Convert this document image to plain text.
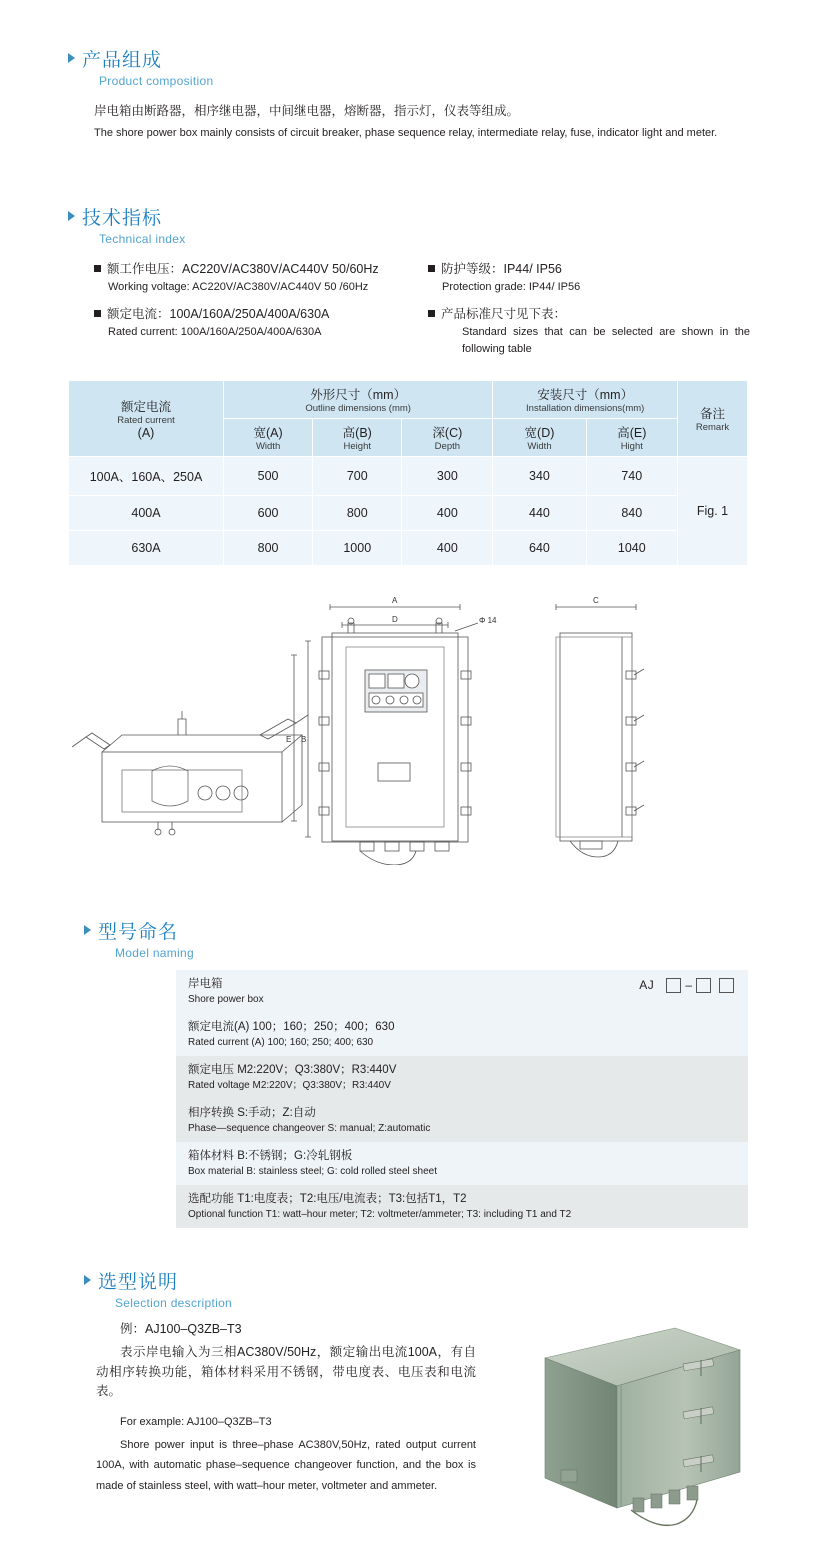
产品组成
Product composition
岸电箱由断路器，相序继电器，中间继电器，熔断器，指示灯，仪表等组成。
The shore power box mainly consists of circuit breaker, phase sequence relay, intermediate relay, fuse, indicator light and meter.
技术指标
Technical index
额工作电压：AC220V/AC380V/AC440V 50/60Hz
Working voltage: AC220V/AC380V/AC440V 50 /60Hz
额定电流：100A/160A/250A/400A/630A
Rated current: 100A/160A/250A/400A/630A
防护等级：IP44/ IP56
Protection grade: IP44/ IP56
产品标准尺寸见下表：
Standard sizes that can be selected are shown in the following table
额定电流
Rated current
(A)	外形尺寸（mm）
Outline dimensions (mm)			安装尺寸（mm）
Installation dimensions(mm)		备注
Remark

	宽(A)
Width	高(B)
Height	深(C)
Depth	宽(D)
Width	高(E)
Hight	

100A、160A、250A	500	700	300	340	740	Fig. 1
400A	600	800	400	440	840	
630A	800	1000	400	640	1040	
A
D
C
B
E
Φ 14
型号命名
Model naming
岸电箱
Shore power box
AJ	–
额定电流(A) 100；160；250；400；630
Rated current (A) 100; 160; 250; 400; 630
额定电压 M2:220V；Q3:380V；R3:440V
Rated voltage M2:220V；Q3:380V；R3:440V
相序转换 S:手动；Z:自动
Phase—sequence changeover S: manual; Z:automatic
箱体材料 B:不锈钢；G:冷轧钢板
Box material B: stainless steel; G: cold rolled steel sheet
选配功能 T1:电度表；T2:电压/电流表；T3:包括T1，T2
Optional function T1: watt–hour meter; T2: voltmeter/ammeter; T3: including T1 and T2
选型说明
Selection description

例：AJ100–Q3ZB–T3

表示岸电输入为三相AC380V/50Hz，额定输出电流100A，有自动相序转换功能，箱体材料采用不锈钢，带电度表、电压表和电流表。

For example: AJ100–Q3ZB–T3

Shore power input is three–phase AC380V,50Hz, rated output current 100A, with automatic phase–sequence changeover function, and the box is made of stainless steel, with watt–hour meter, voltmeter and ammeter.
